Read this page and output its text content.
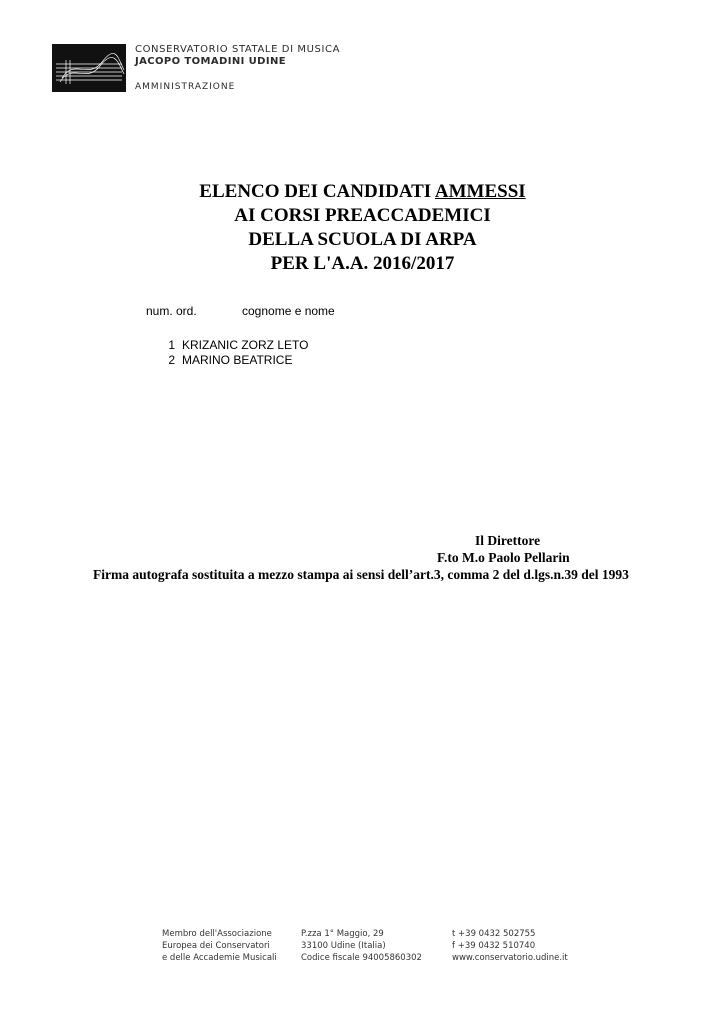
CONSERVATORIO STATALE DI MUSICA
JACOPO TOMADINI UDINE
AMMINISTRAZIONE
ELENCO DEI CANDIDATI AMMESSI
AI CORSI PREACCADEMICI
DELLA SCUOLA DI ARPA
PER L'A.A. 2016/2017
num. ord.	cognome e nome
1 KRIZANIC ZORZ LETO
2 MARINO BEATRICE
Il Direttore
F.to M.o Paolo Pellarin
Firma autografa sostituita a mezzo stampa ai sensi dell’art.3, comma 2 del d.lgs.n.39 del 1993
Membro dell'Associazione
Europea dei Conservatori
e delle Accademie Musicali
P.zza 1° Maggio, 29
33100 Udine (Italia)
Codice fiscale 94005860302
t +39 0432 502755
f +39 0432 510740
www.conservatorio.udine.it
